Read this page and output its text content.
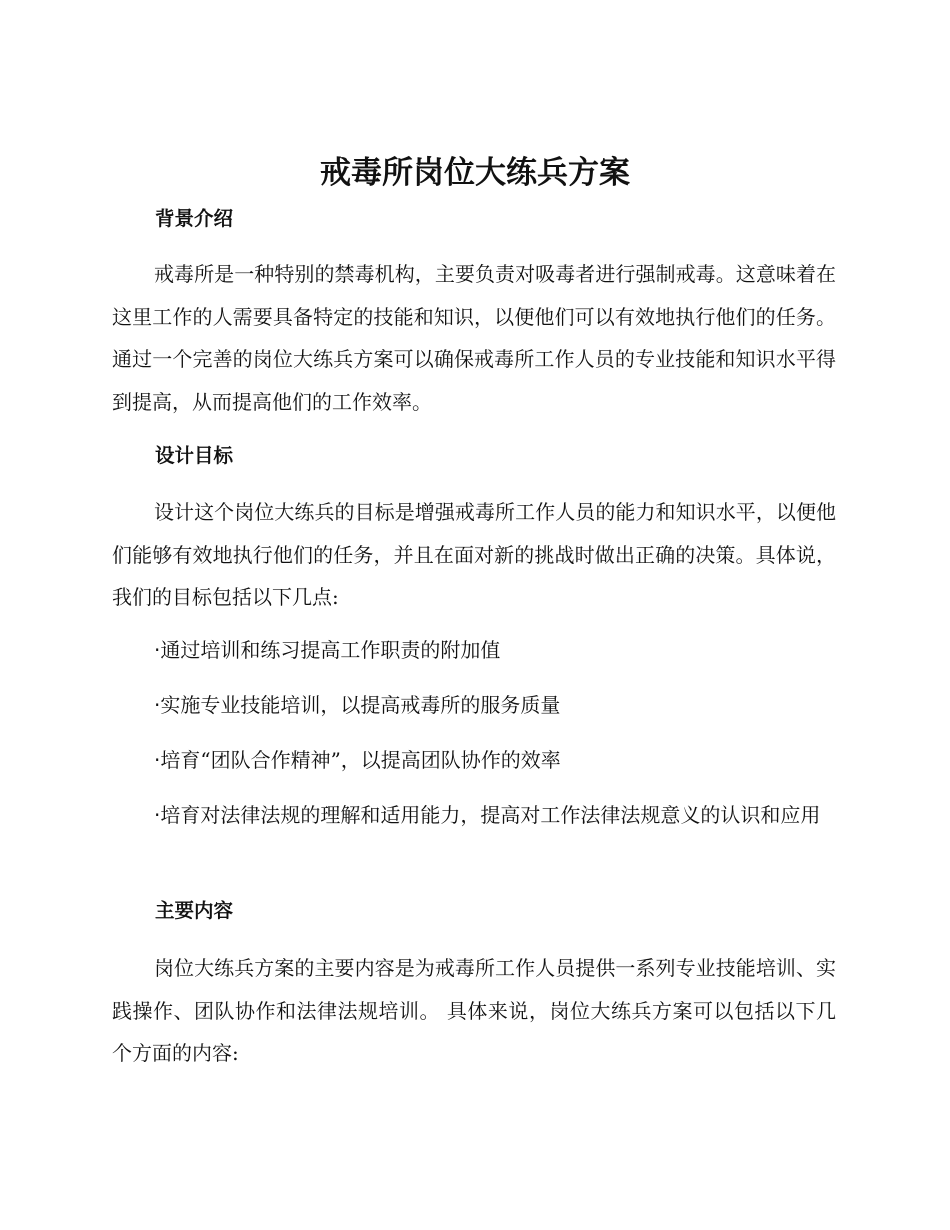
戒毒所岗位大练兵方案
背景介绍

戒毒所是一种特别的禁毒机构，主要负责对吸毒者进行强制戒毒。这意味着在这里工作的人需要具备特定的技能和知识，以便他们可以有效地执行他们的任务。通过一个完善的岗位大练兵方案可以确保戒毒所工作人员的专业技能和知识水平得到提高，从而提高他们的工作效率。

设计目标

设计这个岗位大练兵的目标是增强戒毒所工作人员的能力和知识水平，以便他们能够有效地执行他们的任务，并且在面对新的挑战时做出正确的决策。具体说，我们的目标包括以下几点:

·通过培训和练习提高工作职责的附加值

·实施专业技能培训，以提高戒毒所的服务质量

·培育“团队合作精神”，以提高团队协作的效率

·培育对法律法规的理解和适用能力，提高对工作法律法规意义的认识和应用

主要内容

岗位大练兵方案的主要内容是为戒毒所工作人员提供一系列专业技能培训、实践操作、团队协作和法律法规培训。 具体来说，岗位大练兵方案可以包括以下几个方面的内容:
